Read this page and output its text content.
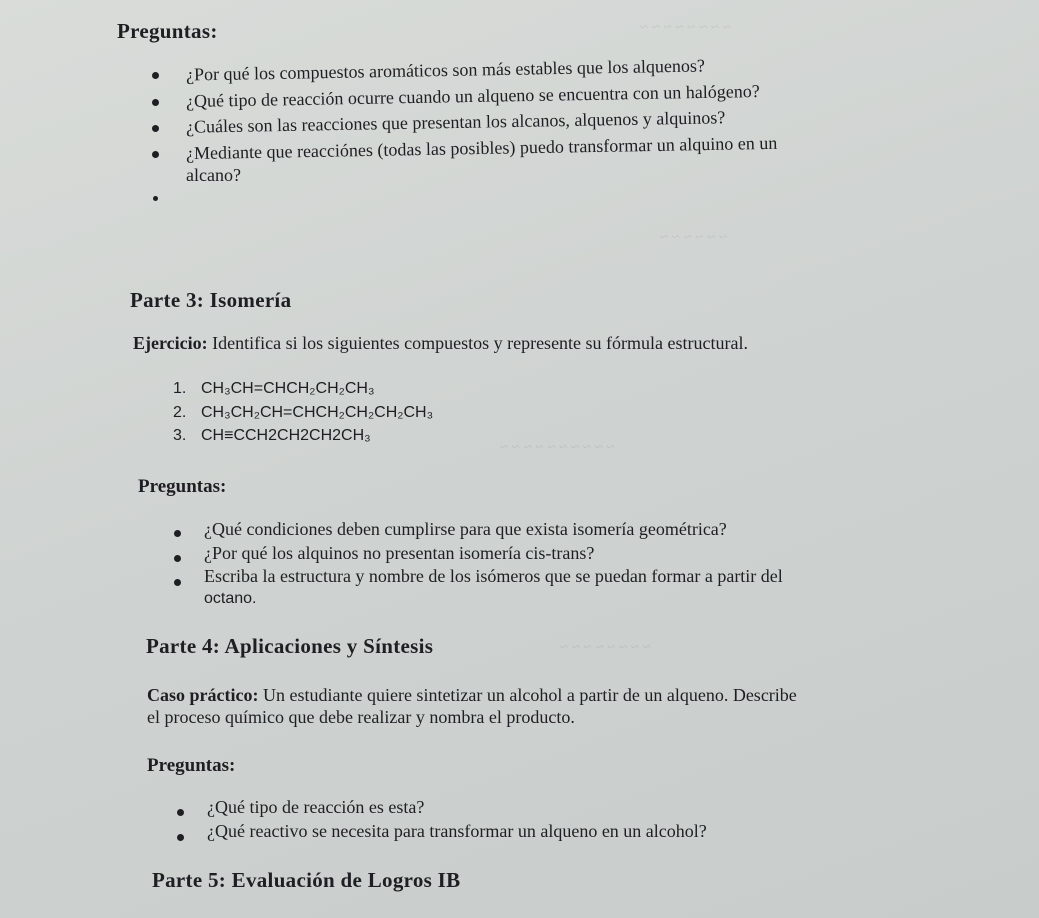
~ ~ ~ ~ ~ ~ ~ ~
~ ~ ~ ~ ~ ~
~ ~ ~ ~ ~ ~ ~ ~ ~ ~
~ ~ ~ ~ ~ ~ ~ ~
Preguntas:
¿Por qué los compuestos aromáticos son más estables que los alquenos?
¿Qué tipo de reacción ocurre cuando un alqueno se encuentra con un halógeno?
¿Cuáles son las reacciones que presentan los alcanos, alquenos y alquinos?
¿Mediante que reacciónes (todas las posibles) puedo transformar un alquino en un
alcano?
Parte 3: Isomería
Ejercicio: Identifica si los siguientes compuestos y represente su fórmula estructural.
1. CH₃CH=CHCH₂CH₂CH₃
2. CH₃CH₂CH=CHCH₂CH₂CH₂CH₃
3. CH≡CCH2CH2CH2CH₃
Preguntas:
¿Qué condiciones deben cumplirse para que exista isomería geométrica?
¿Por qué los alquinos no presentan isomería cis-trans?
Escriba la estructura y nombre de los isómeros que se puedan formar a partir del
octano.
Parte 4: Aplicaciones y Síntesis
Caso práctico: Un estudiante quiere sintetizar un alcohol a partir de un alqueno. Describe
el proceso químico que debe realizar y nombra el producto.
Preguntas:
¿Qué tipo de reacción es esta?
¿Qué reactivo se necesita para transformar un alqueno en un alcohol?
Parte 5: Evaluación de Logros IB
